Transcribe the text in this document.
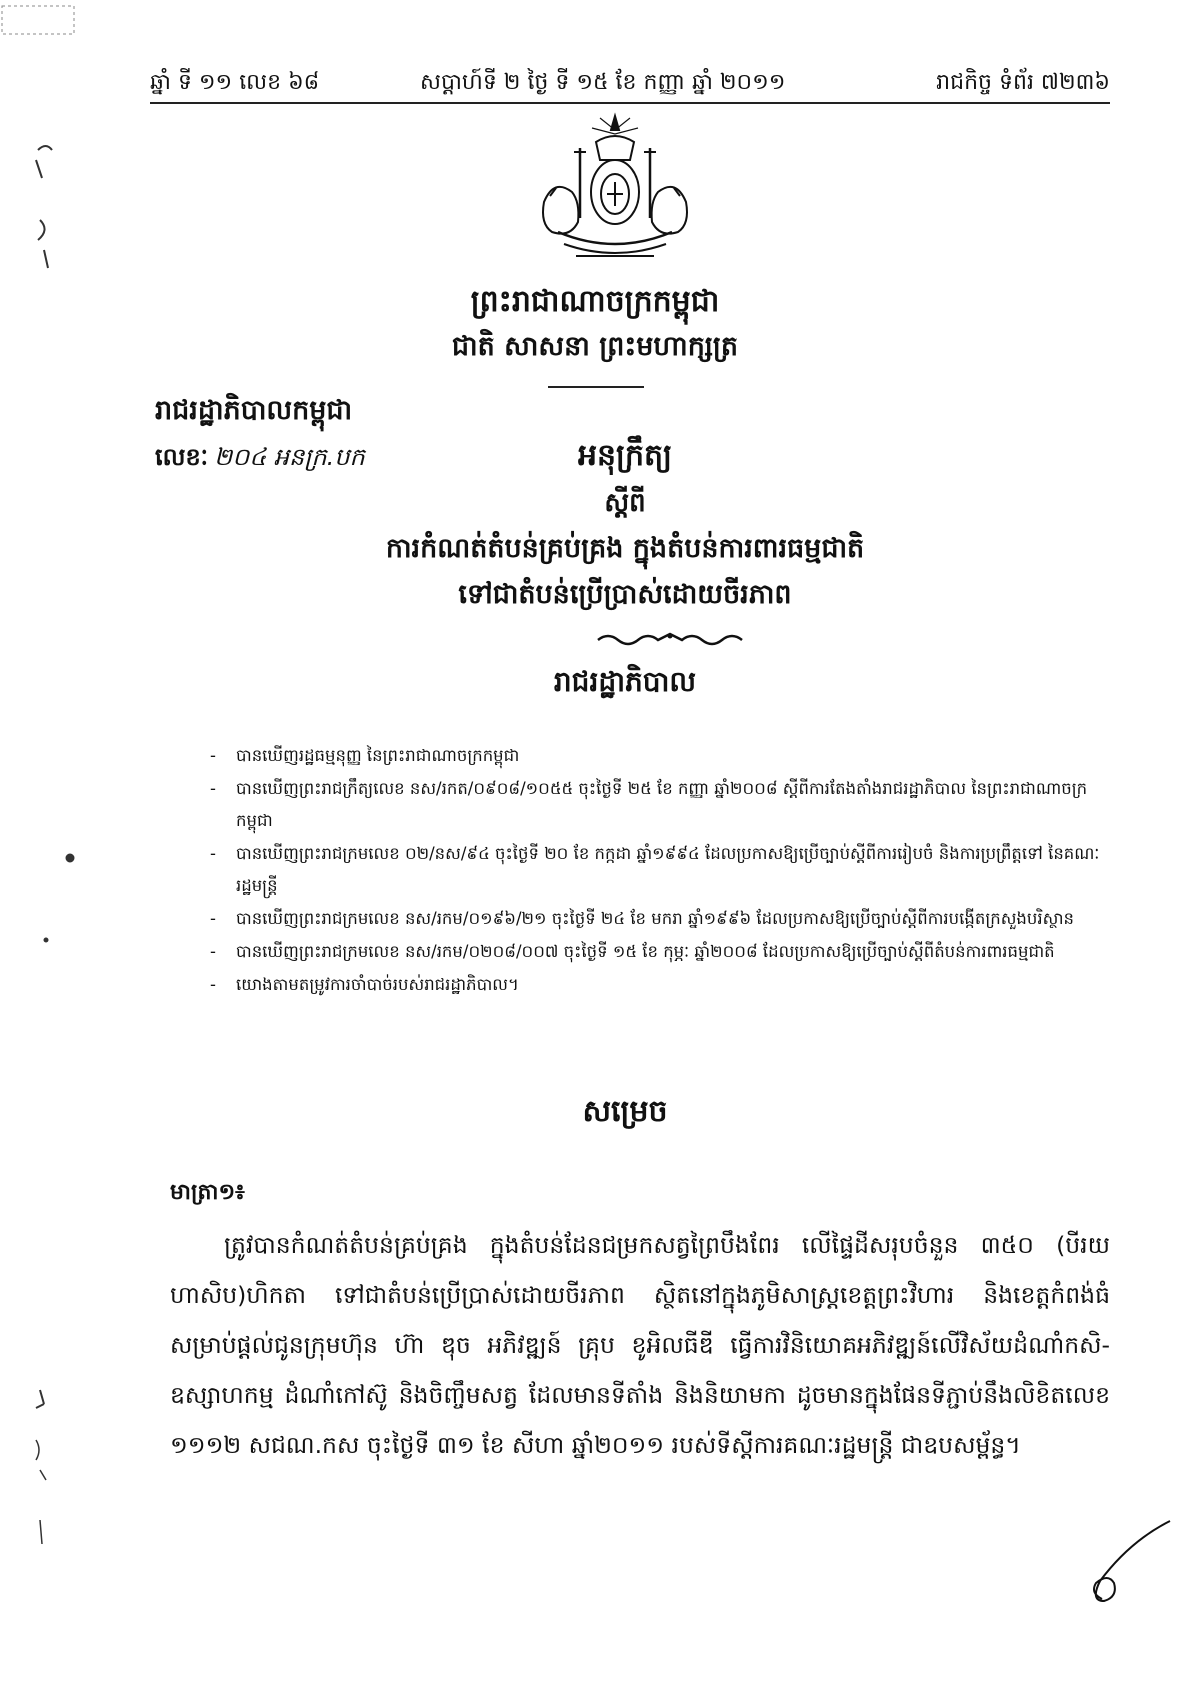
ឆ្នាំ ទី ១១ លេខ ៦៨	សប្តាហ៍ទី ២ ថ្ងៃ ទី ១៥ ខែ កញ្ញា ឆ្នាំ ២០១១	រាជកិច្ច ទំព័រ ៧២៣៦
ព្រះរាជាណាចក្រកម្ពុជា
ជាតិ សាសនា ព្រះមហាក្សត្រ
រាជរដ្ឋាភិបាលកម្ពុជា
លេខៈ ២០៤ អនក្រ.បក	អនុក្រឹត្យ
ស្តីពី
ការកំណត់តំបន់គ្រប់គ្រង ក្នុងតំបន់ការពារធម្មជាតិ
ទៅជាតំបន់ប្រើប្រាស់ដោយចីរភាព
រាជរដ្ឋាភិបាល
- បានឃើញរដ្ឋធម្មនុញ្ញ នៃព្រះរាជាណាចក្រកម្ពុជា
- បានឃើញព្រះរាជក្រឹត្យលេខ នស/រកត/០៩០៨/១០៥៥ ចុះថ្ងៃទី ២៥ ខែ កញ្ញា ឆ្នាំ២០០៨ ស្តីពីការតែងតាំងរាជរដ្ឋាភិបាល នៃព្រះរាជាណាចក្រកម្ពុជា
- បានឃើញព្រះរាជក្រមលេខ ០២/នស/៩៤ ចុះថ្ងៃទី ២០ ខែ កក្កដា ឆ្នាំ១៩៩៤ ដែលប្រកាសឱ្យប្រើច្បាប់ស្តីពីការរៀបចំ និងការប្រព្រឹត្តទៅ នៃគណៈរដ្ឋមន្ត្រី
- បានឃើញព្រះរាជក្រមលេខ នស/រកម/០១៩៦/២១ ចុះថ្ងៃទី ២៤ ខែ មករា ឆ្នាំ១៩៩៦ ដែលប្រកាសឱ្យប្រើច្បាប់ស្តីពីការបង្កើតក្រសួងបរិស្ថាន
- បានឃើញព្រះរាជក្រមលេខ នស/រកម/០២០៨/០០៧ ចុះថ្ងៃទី ១៥ ខែ កុម្ភៈ ឆ្នាំ២០០៨ ដែលប្រកាសឱ្យប្រើច្បាប់ស្តីពីតំបន់ការពារធម្មជាតិ
- យោងតាមតម្រូវការចាំបាច់របស់រាជរដ្ឋាភិបាល។
សម្រេច
មាត្រា១៖

ត្រូវបានកំណត់តំបន់គ្រប់គ្រង ក្នុងតំបន់ដែនជម្រកសត្វព្រៃបឹងពែរ លើផ្ទៃដីសរុបចំនួន ៣៥០ (បីរយ ហាសិប)ហិកតា ទៅជាតំបន់ប្រើប្រាស់ដោយចីរភាព ស្ថិតនៅក្នុងភូមិសាស្ត្រខេត្តព្រះវិហារ និងខេត្តកំពង់ធំ សម្រាប់ផ្តល់ជូនក្រុមហ៊ុន ហ៊ា ឌុច អភិវឌ្ឍន៍ គ្រុប ខូអិលធីឌី ធ្វើការវិនិយោគអភិវឌ្ឍន៍លើវិស័យដំណាំកសិ-ឧស្សាហកម្ម ដំណាំកៅស៊ូ និងចិញ្ចឹមសត្វ ដែលមានទីតាំង និងនិយាមកា ដូចមានក្នុងផែនទីភ្ជាប់នឹងលិខិតលេខ ១១១២ សជណ.កស ចុះថ្ងៃទី ៣១ ខែ សីហា ឆ្នាំ២០១១ របស់ទីស្តីការគណៈរដ្ឋមន្ត្រី ជាឧបសម្ព័ន្ធ។
